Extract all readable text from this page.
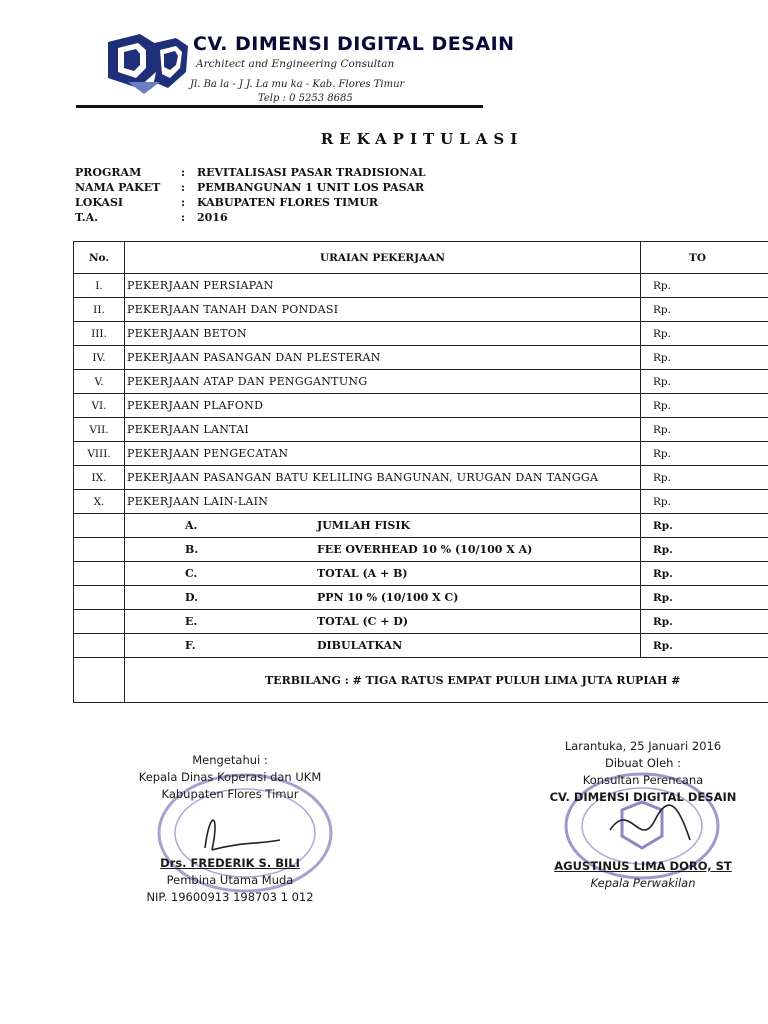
CV. DIMENSI DIGITAL DESAIN
Architect and Engineering Consultan
Jl. Ba la - J J. La mu ka - Kab. Flores Timur
Telp : 0 5253 8685
REKAPITULASI
PROGRAM	: REVITALISASI PASAR TRADISIONAL
NAMA PAKET : PEMBANGUNAN 1 UNIT LOS PASAR
LOKASI	: KABUPATEN FLORES TIMUR
T.A.	: 2016
No.	URAIAN PEKERJAAN	TO
I.	PEKERJAAN PERSIAPAN	Rp.
II.	PEKERJAAN TANAH DAN PONDASI	Rp.
III.	PEKERJAAN BETON	Rp.
IV.	PEKERJAAN PASANGAN DAN PLESTERAN	Rp.
V.	PEKERJAAN ATAP DAN PENGGANTUNG	Rp.
VI.	PEKERJAAN PLAFOND	Rp.
VII.	PEKERJAAN LANTAI	Rp.
VIII.	PEKERJAAN PENGECATAN	Rp.
IX.	PEKERJAAN PASANGAN BATU KELILING BANGUNAN, URUGAN DAN TANGGA	Rp.
X.	PEKERJAAN LAIN-LAIN	Rp.
	A. JUMLAH FISIK	Rp.
	B. FEE OVERHEAD 10 % (10/100 X A)	Rp.
	C. TOTAL (A + B)	Rp.
	D. PPN 10 % (10/100 X C)	Rp.
	E. TOTAL (C + D)	Rp.
	F. DIBULATKAN	Rp.
	TERBILANG : # TIGA RATUS EMPAT PULUH LIMA JUTA RUPIAH #	
Mengetahui :
Kepala Dinas Koperasi dan UKM
Kabupaten Flores Timur
Drs. FREDERIK S. BILI
Pembina Utama Muda
NIP. 19600913 198703 1 012
Larantuka, 25 Januari 2016
Dibuat Oleh :
Konsultan Perencana
CV. DIMENSI DIGITAL DESAIN
AGUSTINUS LIMA DORO, ST
Kepala Perwakilan
